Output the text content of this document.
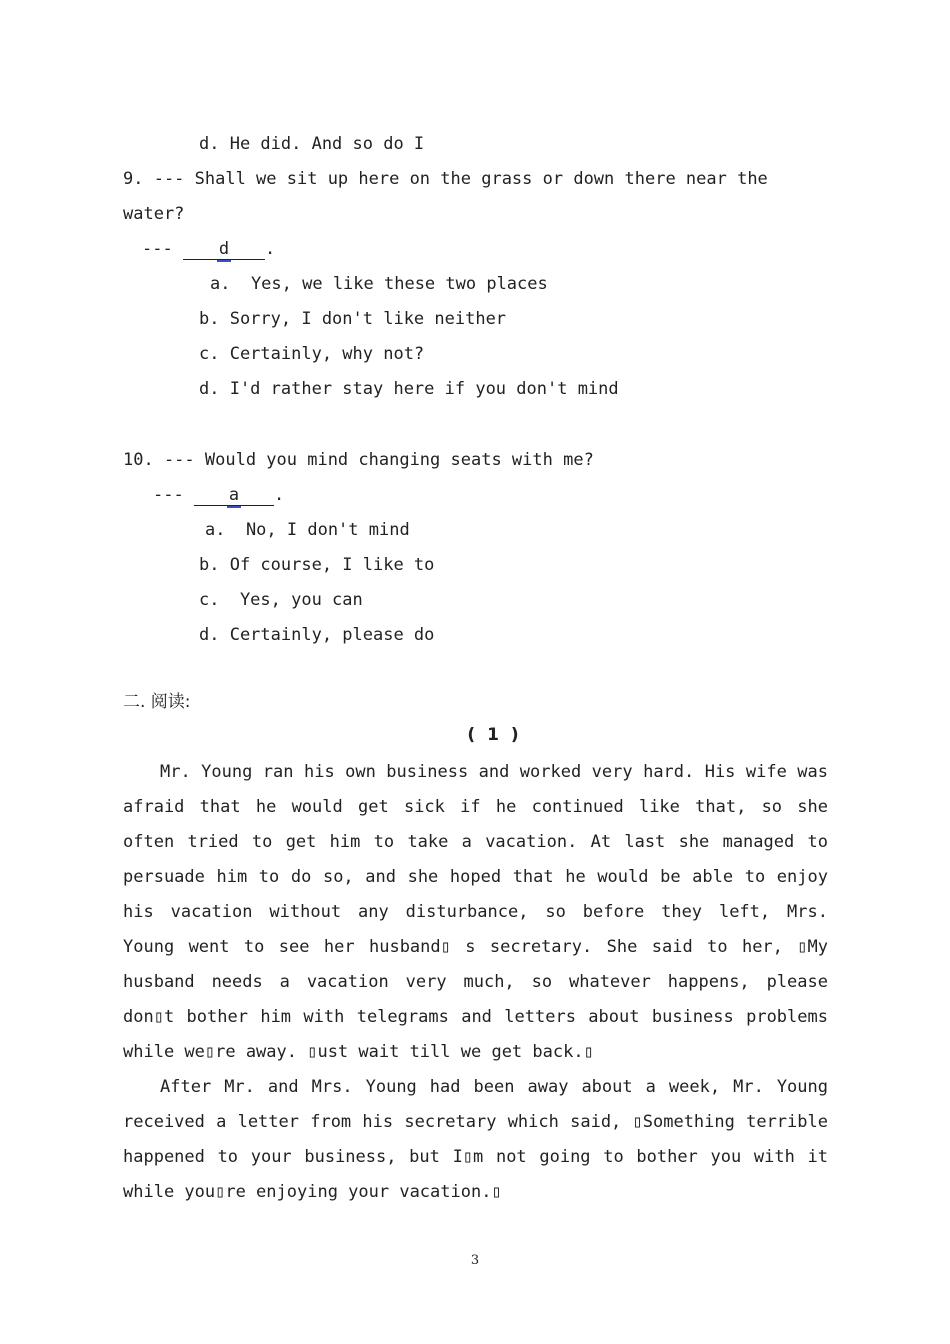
d. He did. And so do I
9. --- Shall we sit up here on the grass or down there near the
water?
--- d .
a.  Yes, we like these two places
b. Sorry, I don't like neither
c. Certainly, why not?
d. I'd rather stay here if you don't mind
10. --- Would you mind changing seats with me?
--- a .
a.  No, I don't mind
b. Of course, I like to
c.  Yes, you can
d. Certainly, please do
二. 阅读:
( 1 )

Mr. Young ran his own business and worked very hard. His wife was afraid that he would get sick if he continued like that, so she often tried to get him to take a vacation. At last she managed to persuade him to do so, and she hoped that he would be able to enjoy his vacation without any disturbance, so before they left, Mrs. Young went to see her husband▯ s secretary. She said to her, ▯My husband needs a vacation very much, so whatever happens, please don▯t bother him with telegrams and letters about business problems while we▯re away. ▯ust wait till we get back.▯

After Mr. and Mrs. Young had been away about a week, Mr. Young received a letter from his secretary which said, ▯Something terrible happened to your business, but I▯m not going to bother you with it while you▯re enjoying your vacation.▯

3
